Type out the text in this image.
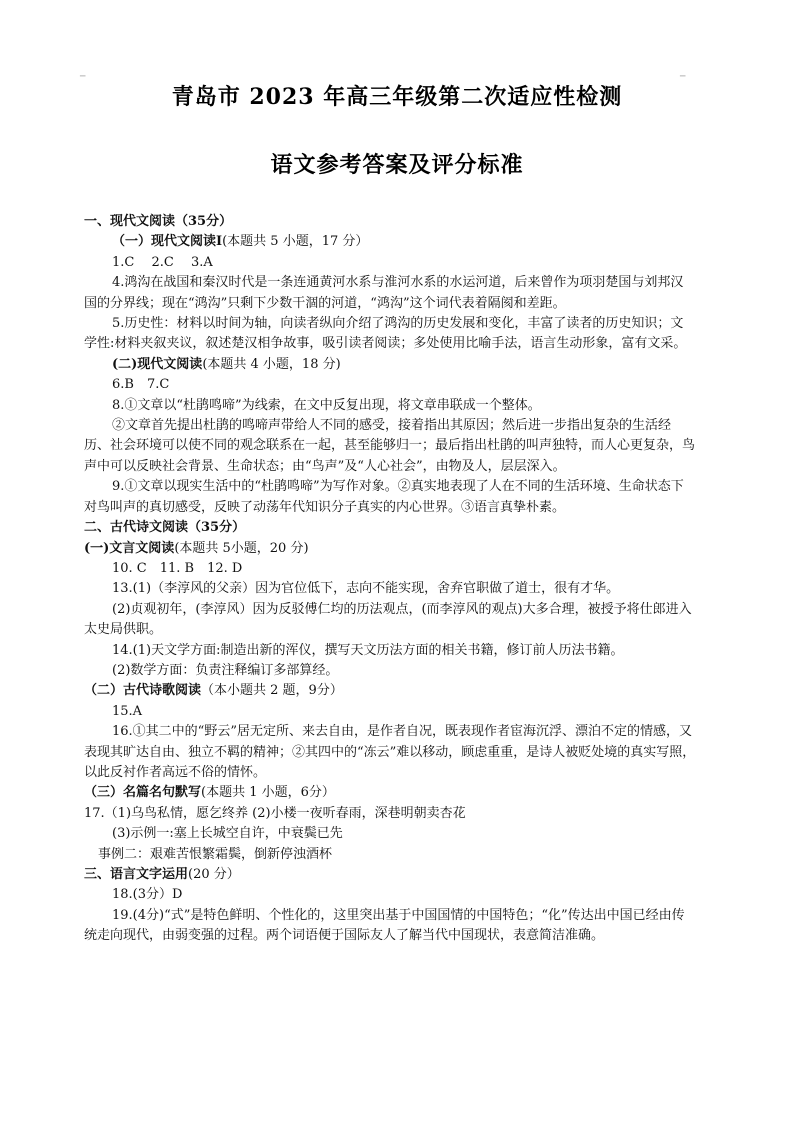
─	─
青岛市 2023 年高三年级第二次适应性检测
语文参考答案及评分标准

一、现代文阅读（35分）

（一）现代文阅读I(本题共 5 小题，17 分）

1.C　 2.C　 3.A

4.鸿沟在战国和秦汉时代是一条连通黄河水系与淮河水系的水运河道，后来曾作为项羽楚国与刘邦汉国的分界线；现在“鸿沟”只剩下少数干涸的河道，“鸿沟”这个词代表着隔阂和差距。

5.历史性：材料以时间为轴，向读者纵向介绍了鸿沟的历史发展和变化，丰富了读者的历史知识；文学性:材料夹叙夹议，叙述楚汉相争故事，吸引读者阅读；多处使用比喻手法，语言生动形象，富有文采。

(二)现代文阅读(本题共 4 小题，18 分)

6.B　7.C

8.①文章以“杜鹃鸣啼”为线索，在文中反复出现，将文章串联成一个整体。

②文章首先提出杜鹃的鸣啼声带给人不同的感受，接着指出其原因；然后进一步指出复杂的生活经历、社会环境可以使不同的观念联系在一起，甚至能够归一；最后指出杜鹃的叫声独特，而人心更复杂，鸟声中可以反映社会背景、生命状态；由“鸟声”及“人心社会”，由物及人，层层深入。

9.①文章以现实生活中的“杜鹃鸣啼”为写作对象。②真实地表现了人在不同的生活环境、生命状态下对鸟叫声的真切感受，反映了动荡年代知识分子真实的内心世界。③语言真挚朴素。

二、古代诗文阅读（35分）

(一)文言文阅读(本题共 5小题，20 分)

10. C　11. B　12. D

13.(1)（李淳风的父亲）因为官位低下，志向不能实现，舍弃官职做了道士，很有才华。

(2)贞观初年，(李淳风）因为反驳傅仁均的历法观点，(而李淳风的观点)大多合理，被授予将仕郎进入太史局供职。

14.(1)天文学方面:制造出新的浑仪，撰写天文历法方面的相关书籍，修订前人历法书籍。

(2)数学方面：负责注释编订多部算经。

（二）古代诗歌阅读（本小题共 2 题，9分）

15.A

16.①其二中的“野云”居无定所、来去自由，是作者自况，既表现作者宦海沉浮、漂泊不定的情感，又表现其旷达自由、独立不羁的精神；②其四中的“冻云”难以移动，顾虑重重，是诗人被贬处境的真实写照，以此反衬作者高远不俗的情怀。

（三）名篇名句默写(本题共 1 小题，6分）

17.（1)乌鸟私情，愿乞终养 (2)小楼一夜听春雨，深巷明朝卖杏花

(3)示例一:塞上长城空自许，中衰鬓已先

事例二：艰难苦恨繁霜鬓，倒新停浊酒杯

三、语言文字运用(20 分）

18.(3分）D

19.(4分)“式”是特色鲜明、个性化的，这里突出基于中国国情的中国特色；“化”传达出中国已经由传统走向现代，由弱变强的过程。两个词语便于国际友人了解当代中国现状，表意简洁准确。
